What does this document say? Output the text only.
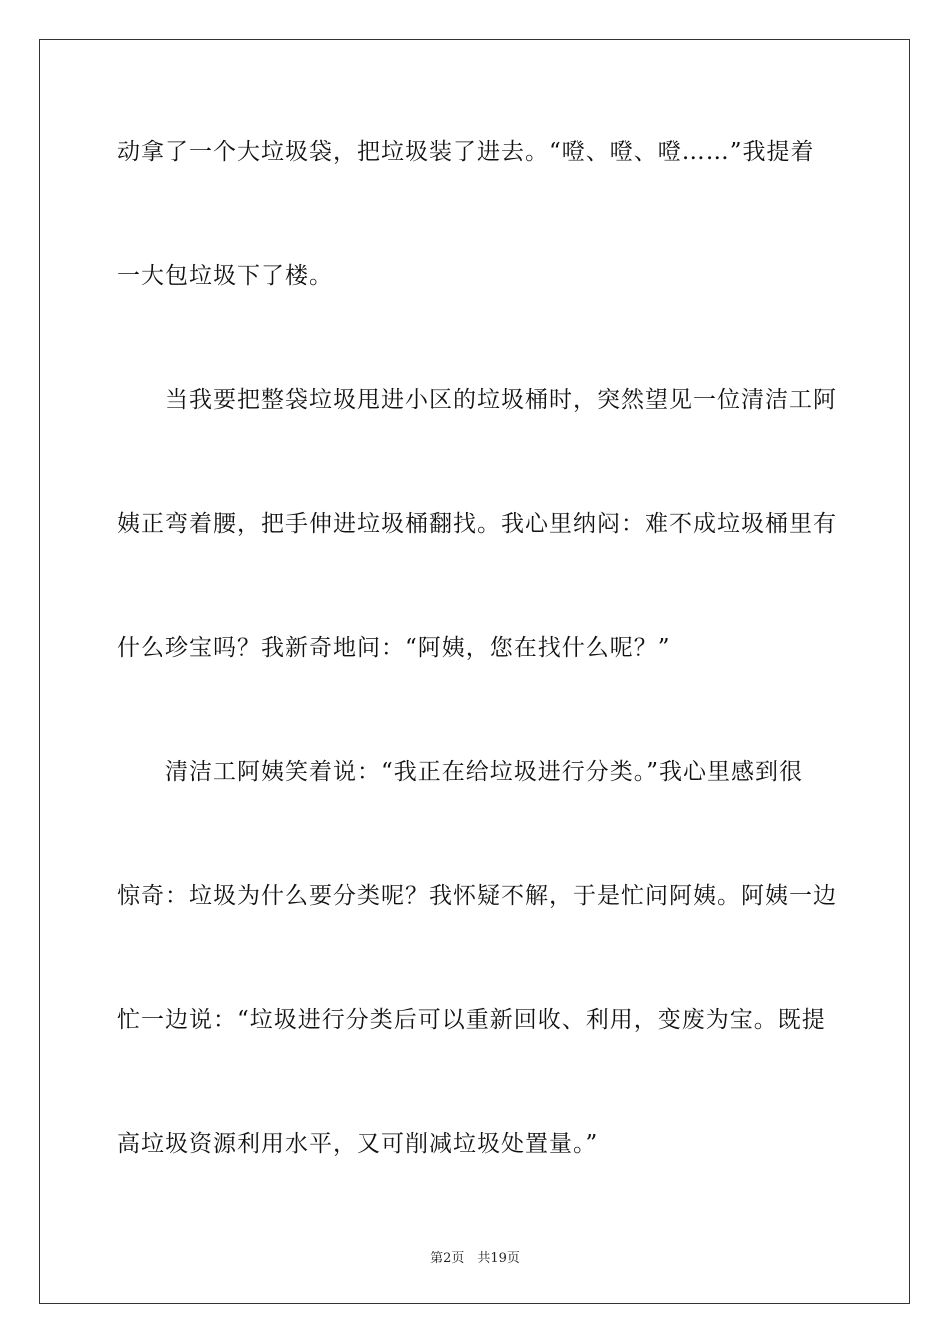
动拿了一个大垃圾袋，把垃圾装了进去。“噔、噔、噔……”我提着
一大包垃圾下了楼。
当我要把整袋垃圾甩进小区的垃圾桶时，突然望见一位清洁工阿
姨正弯着腰，把手伸进垃圾桶翻找。我心里纳闷：难不成垃圾桶里有
什么珍宝吗？我新奇地问：“阿姨，您在找什么呢？”
清洁工阿姨笑着说：“我正在给垃圾进行分类。”我心里感到很
惊奇：垃圾为什么要分类呢？我怀疑不解，于是忙问阿姨。阿姨一边
忙一边说：“垃圾进行分类后可以重新回收、利用，变废为宝。既提
高垃圾资源利用水平，又可削减垃圾处置量。”
第2页　共19页
